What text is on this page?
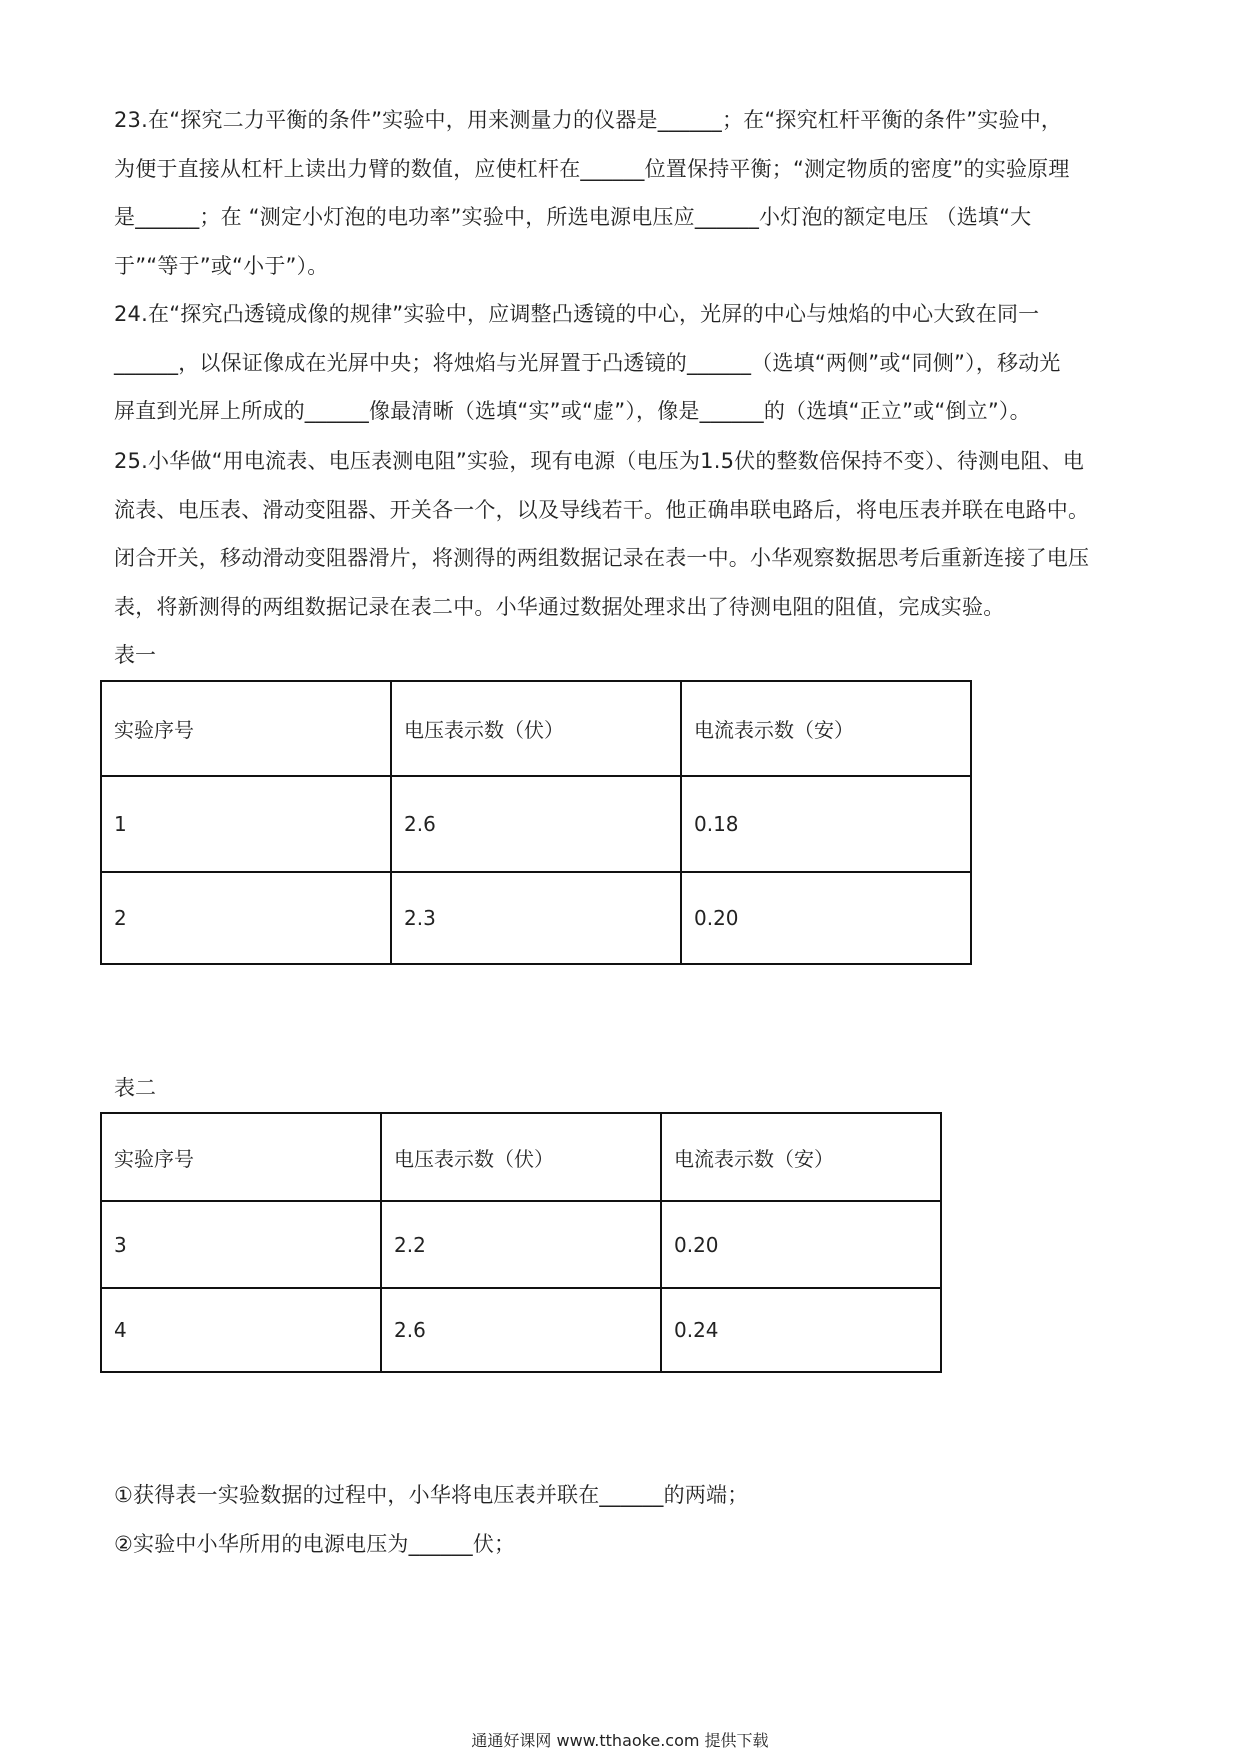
23.在“探究二力平衡的条件”实验中，用来测量力的仪器是______；在“探究杠杆平衡的条件”实验中，
为便于直接从杠杆上读出力臂的数值，应使杠杆在______位置保持平衡；“测定物质的密度”的实验原理
是______；在 “测定小灯泡的电功率”实验中，所选电源电压应______小灯泡的额定电压 （选填“大
于”“等于”或“小于”）。
24.在“探究凸透镜成像的规律”实验中，应调整凸透镜的中心，光屏的中心与烛焰的中心大致在同一
______，以保证像成在光屏中央；将烛焰与光屏置于凸透镜的______（选填“两侧”或“同侧”），移动光
屏直到光屏上所成的______像最清晰（选填“实”或“虚”），像是______的（选填“正立”或“倒立”）。
25.小华做“用电流表、电压表测电阻”实验，现有电源（电压为1.5伏的整数倍保持不变）、待测电阻、电
流表、电压表、滑动变阻器、开关各一个，以及导线若干。他正确串联电路后，将电压表并联在电路中。
闭合开关，移动滑动变阻器滑片，将测得的两组数据记录在表一中。小华观察数据思考后重新连接了电压
表，将新测得的两组数据记录在表二中。小华通过数据处理求出了待测电阻的阻值，完成实验。
表一
实验序号	电压表示数（伏）	电流表示数（安）
1	2.6	0.18
2	2.3	0.20
表二
实验序号	电压表示数（伏）	电流表示数（安）
3	2.2	0.20
4	2.6	0.24
①获得表一实验数据的过程中，小华将电压表并联在______的两端；
②实验中小华所用的电源电压为______伏；
通通好课网 www.tthaoke.com 提供下载
